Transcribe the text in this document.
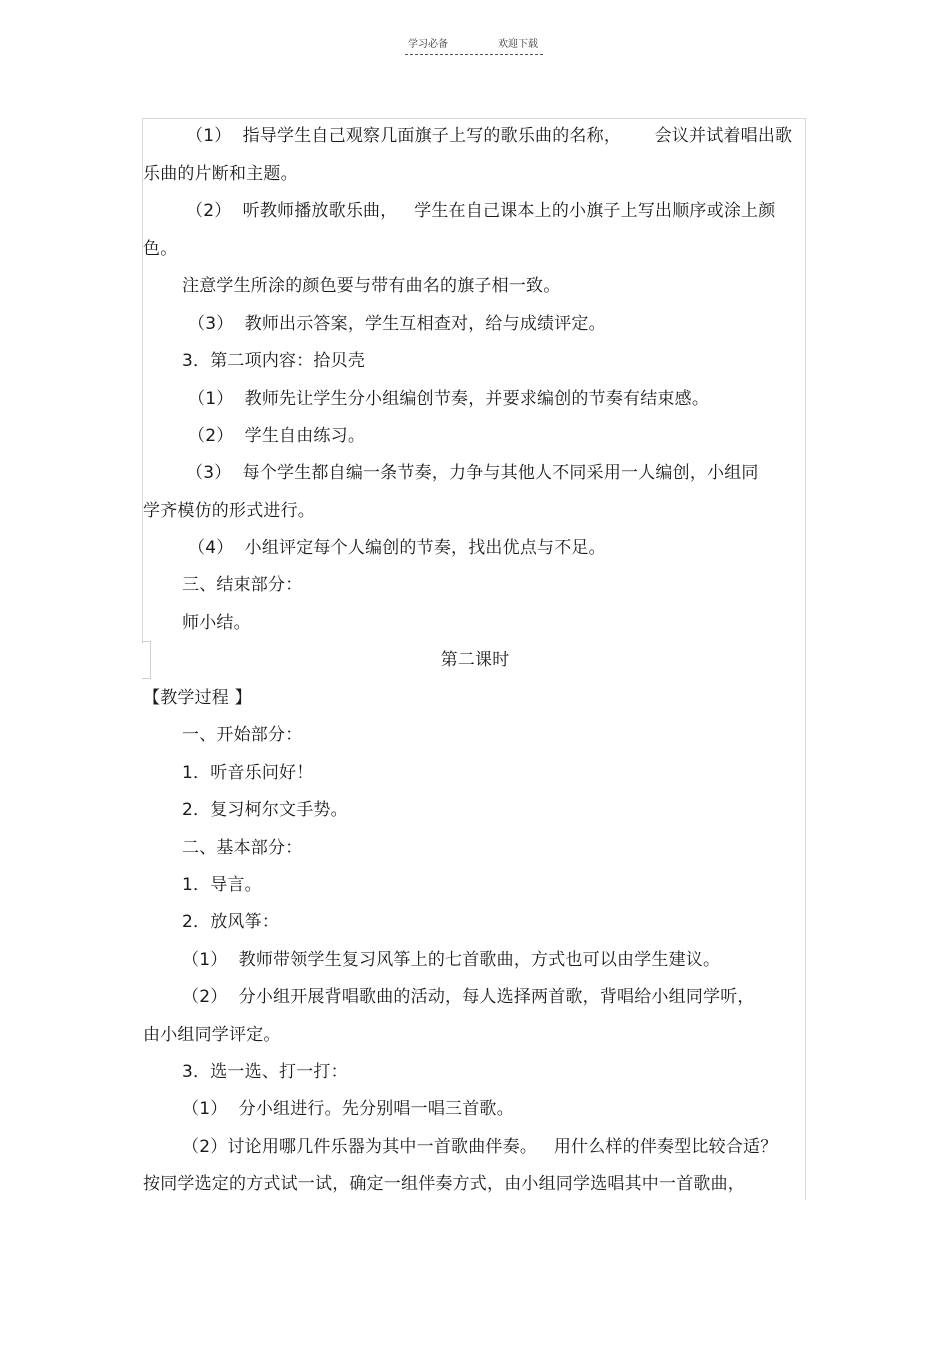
学习必备	欢迎下载
（1）  指导学生自己观察几面旗子上写的歌乐曲的名称，      会议并试着唱出歌
乐曲的片断和主题。
（2）  听教师播放歌乐曲，   学生在自己课本上的小旗子上写出顺序或涂上颜
色。
注意学生所涂的颜色要与带有曲名的旗子相一致。
（3）  教师出示答案，学生互相查对，给与成绩评定。
3．第二项内容：拾贝壳
（1）  教师先让学生分小组编创节奏，并要求编创的节奏有结束感。
（2）  学生自由练习。
（3）  每个学生都自编一条节奏，力争与其他人不同采用一人编创，小组同
学齐模仿的形式进行。
（4）  小组评定每个人编创的节奏，找出优点与不足。
三、结束部分：
师小结。
第二课时
【教学过程 】
一、开始部分：
1．听音乐问好！
2．复习柯尔文手势。
二、基本部分：
1．导言。
2．放风筝：
（1）  教师带领学生复习风筝上的七首歌曲，方式也可以由学生建议。
（2）  分小组开展背唱歌曲的活动，每人选择两首歌，背唱给小组同学听，
由小组同学评定。
3．选一选、打一打：
（1）  分小组进行。先分别唱一唱三首歌。
（2）讨论用哪几件乐器为其中一首歌曲伴奏。   用什么样的伴奏型比较合适？
按同学选定的方式试一试，确定一组伴奏方式，由小组同学选唱其中一首歌曲，
